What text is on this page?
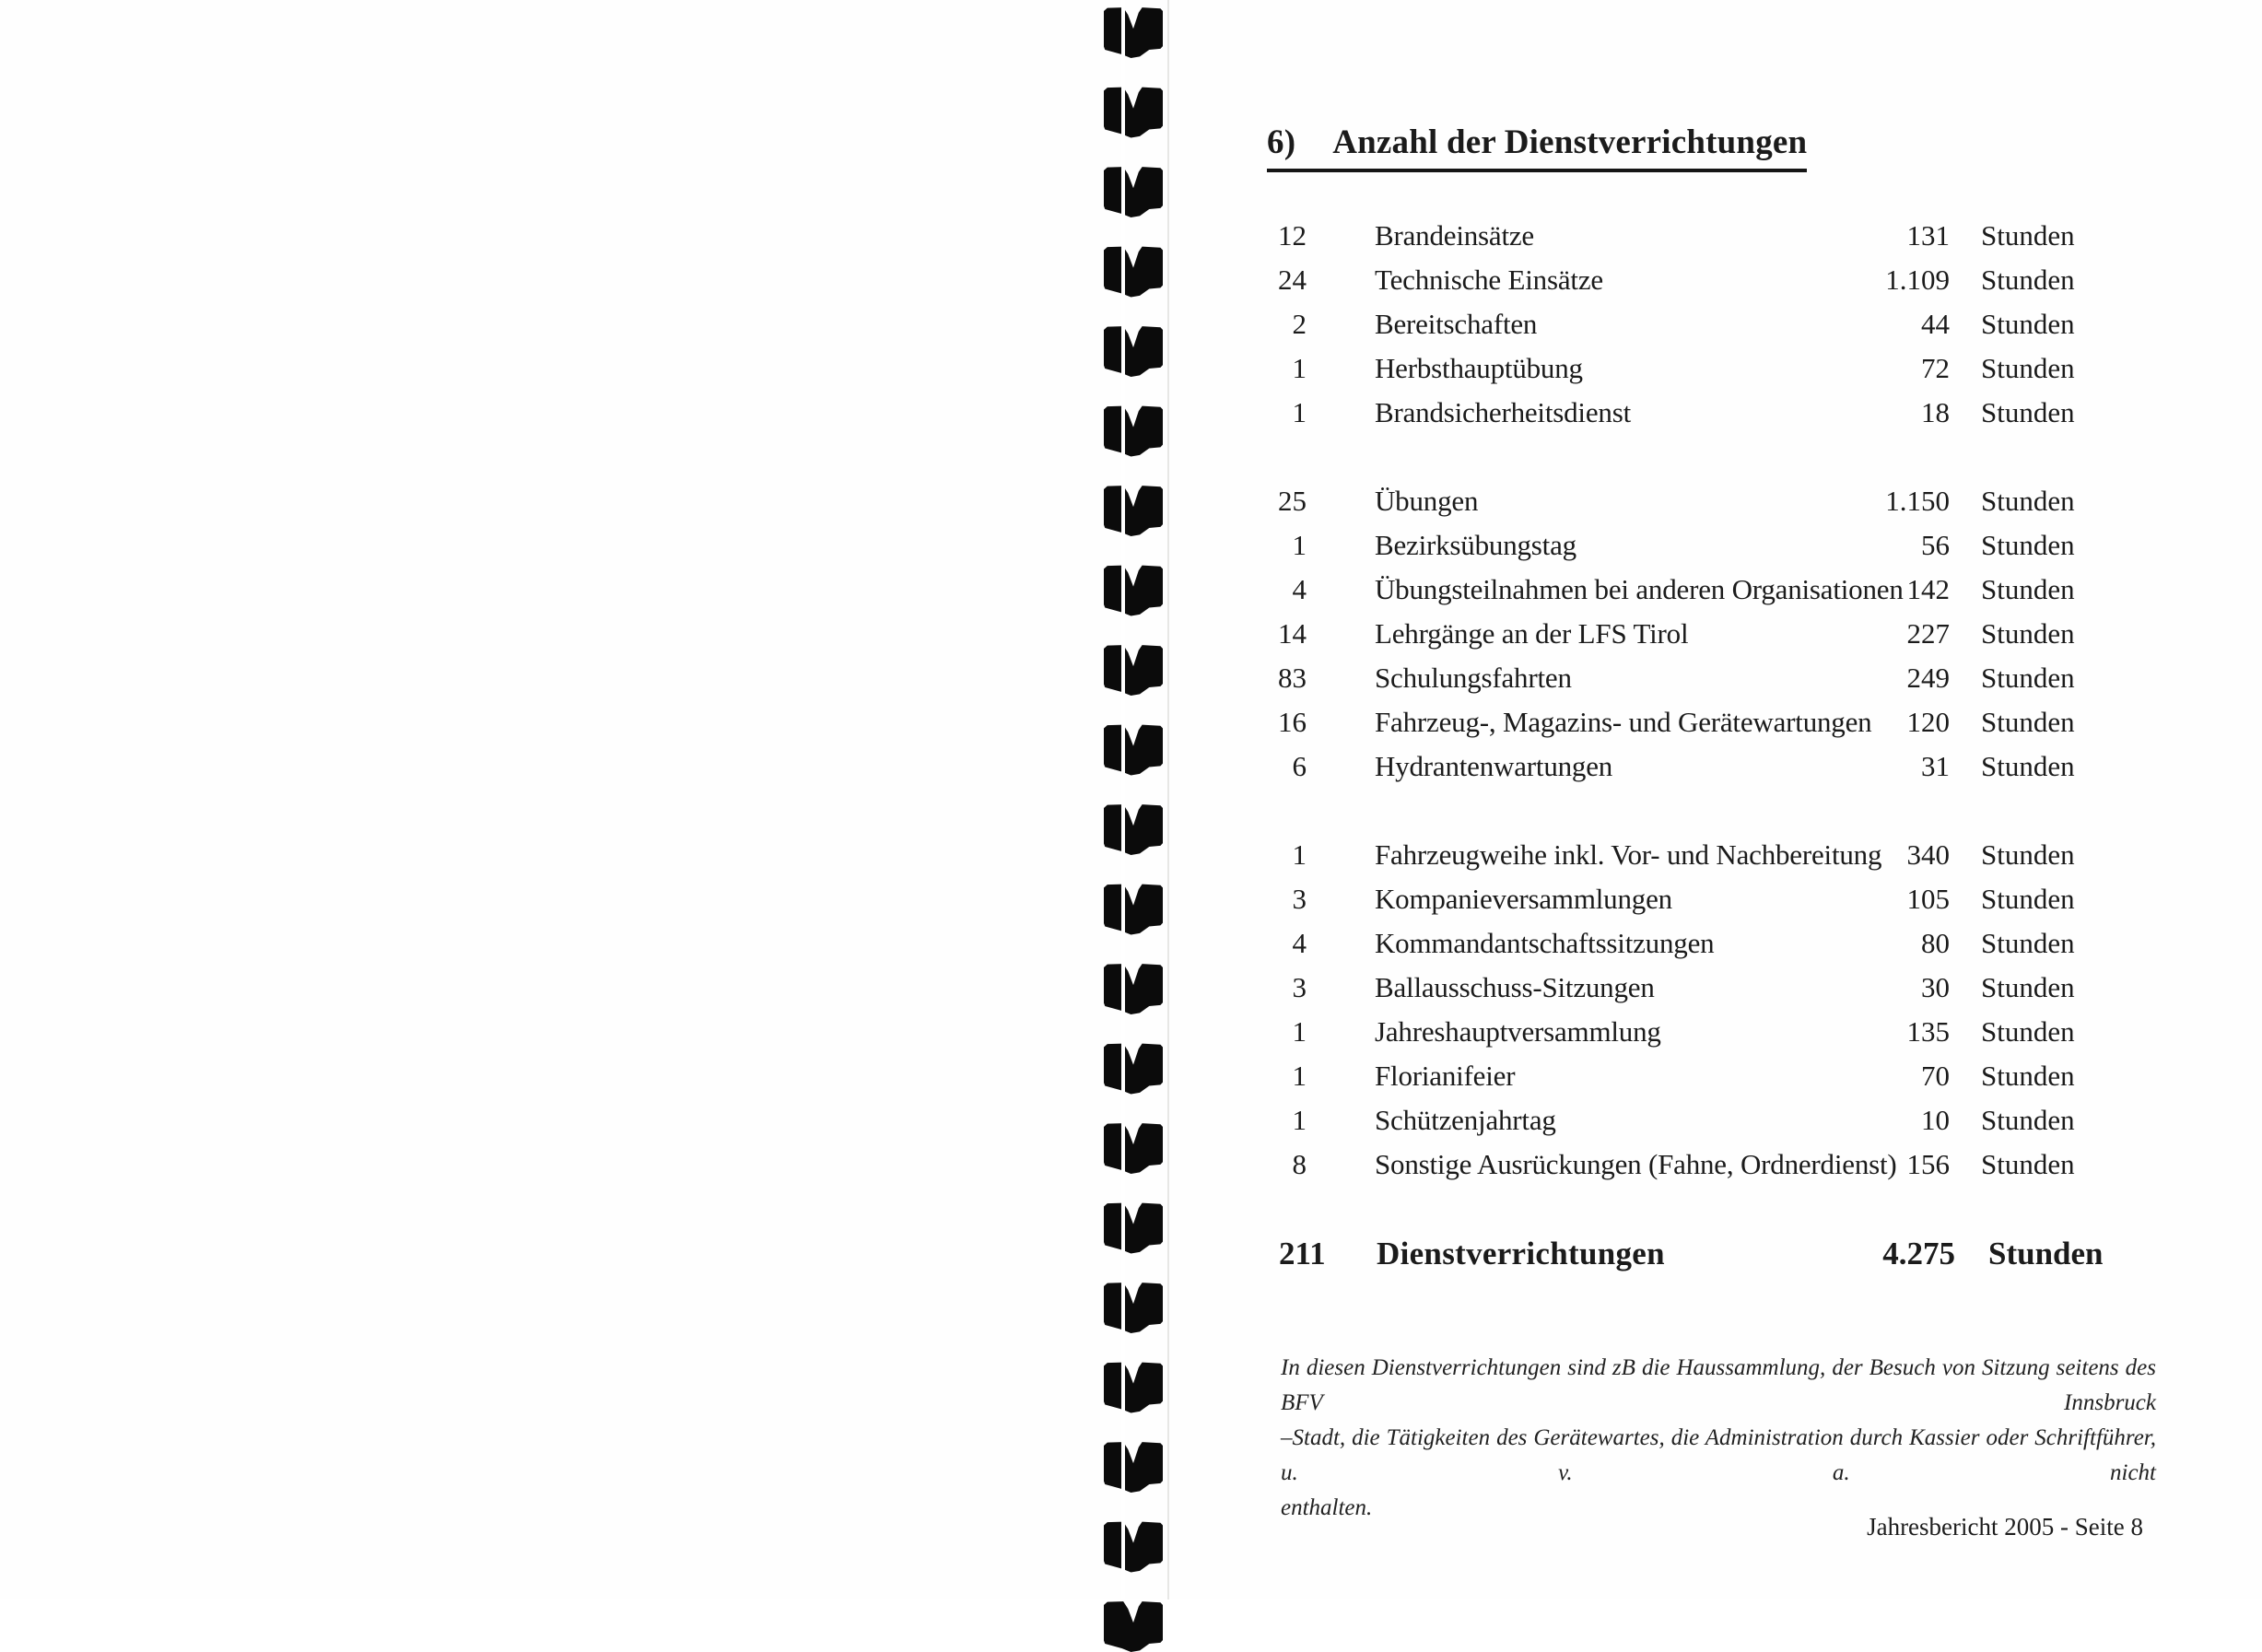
6) Anzahl der Dienstverrichtungen
12 Brandeinsätze	131 Stunden
24 Technische Einsätze	1.109 Stunden
2 Bereitschaften	44 Stunden
1 Herbsthauptübung	72 Stunden
1 Brandsicherheitsdienst	18 Stunden
25 Übungen	1.150 Stunden
1 Bezirksübungstag	56 Stunden
4 Übungsteilnahmen bei anderen Organisationen 142 Stunden
14 Lehrgänge an der LFS Tirol	227 Stunden
83 Schulungsfahrten	249 Stunden
16 Fahrzeug-, Magazins- und Gerätewartungen	120 Stunden
6 Hydrantenwartungen	31 Stunden
1 Fahrzeugweihe inkl. Vor- und Nachbereitung 340 Stunden
3 Kompanieversammlungen	105 Stunden
4 Kommandantschaftssitzungen	80 Stunden
3 Ballausschuss-Sitzungen	30 Stunden
1 Jahreshauptversammlung	135 Stunden
1 Florianifeier	70 Stunden
1 Schützenjahrtag	10 Stunden
8 Sonstige Ausrückungen (Fahne, Ordnerdienst) 156 Stunden
211 Dienstverrichtungen	4.275 Stunden
In diesen Dienstverrichtungen sind zB die Haussammlung, der Besuch von Sitzung seitens des BFV Innsbruck
–Stadt, die Tätigkeiten des Gerätewartes, die Administration durch Kassier oder Schriftführer, u. v. a. nicht
enthalten.
Jahresbericht 2005 - Seite 8
